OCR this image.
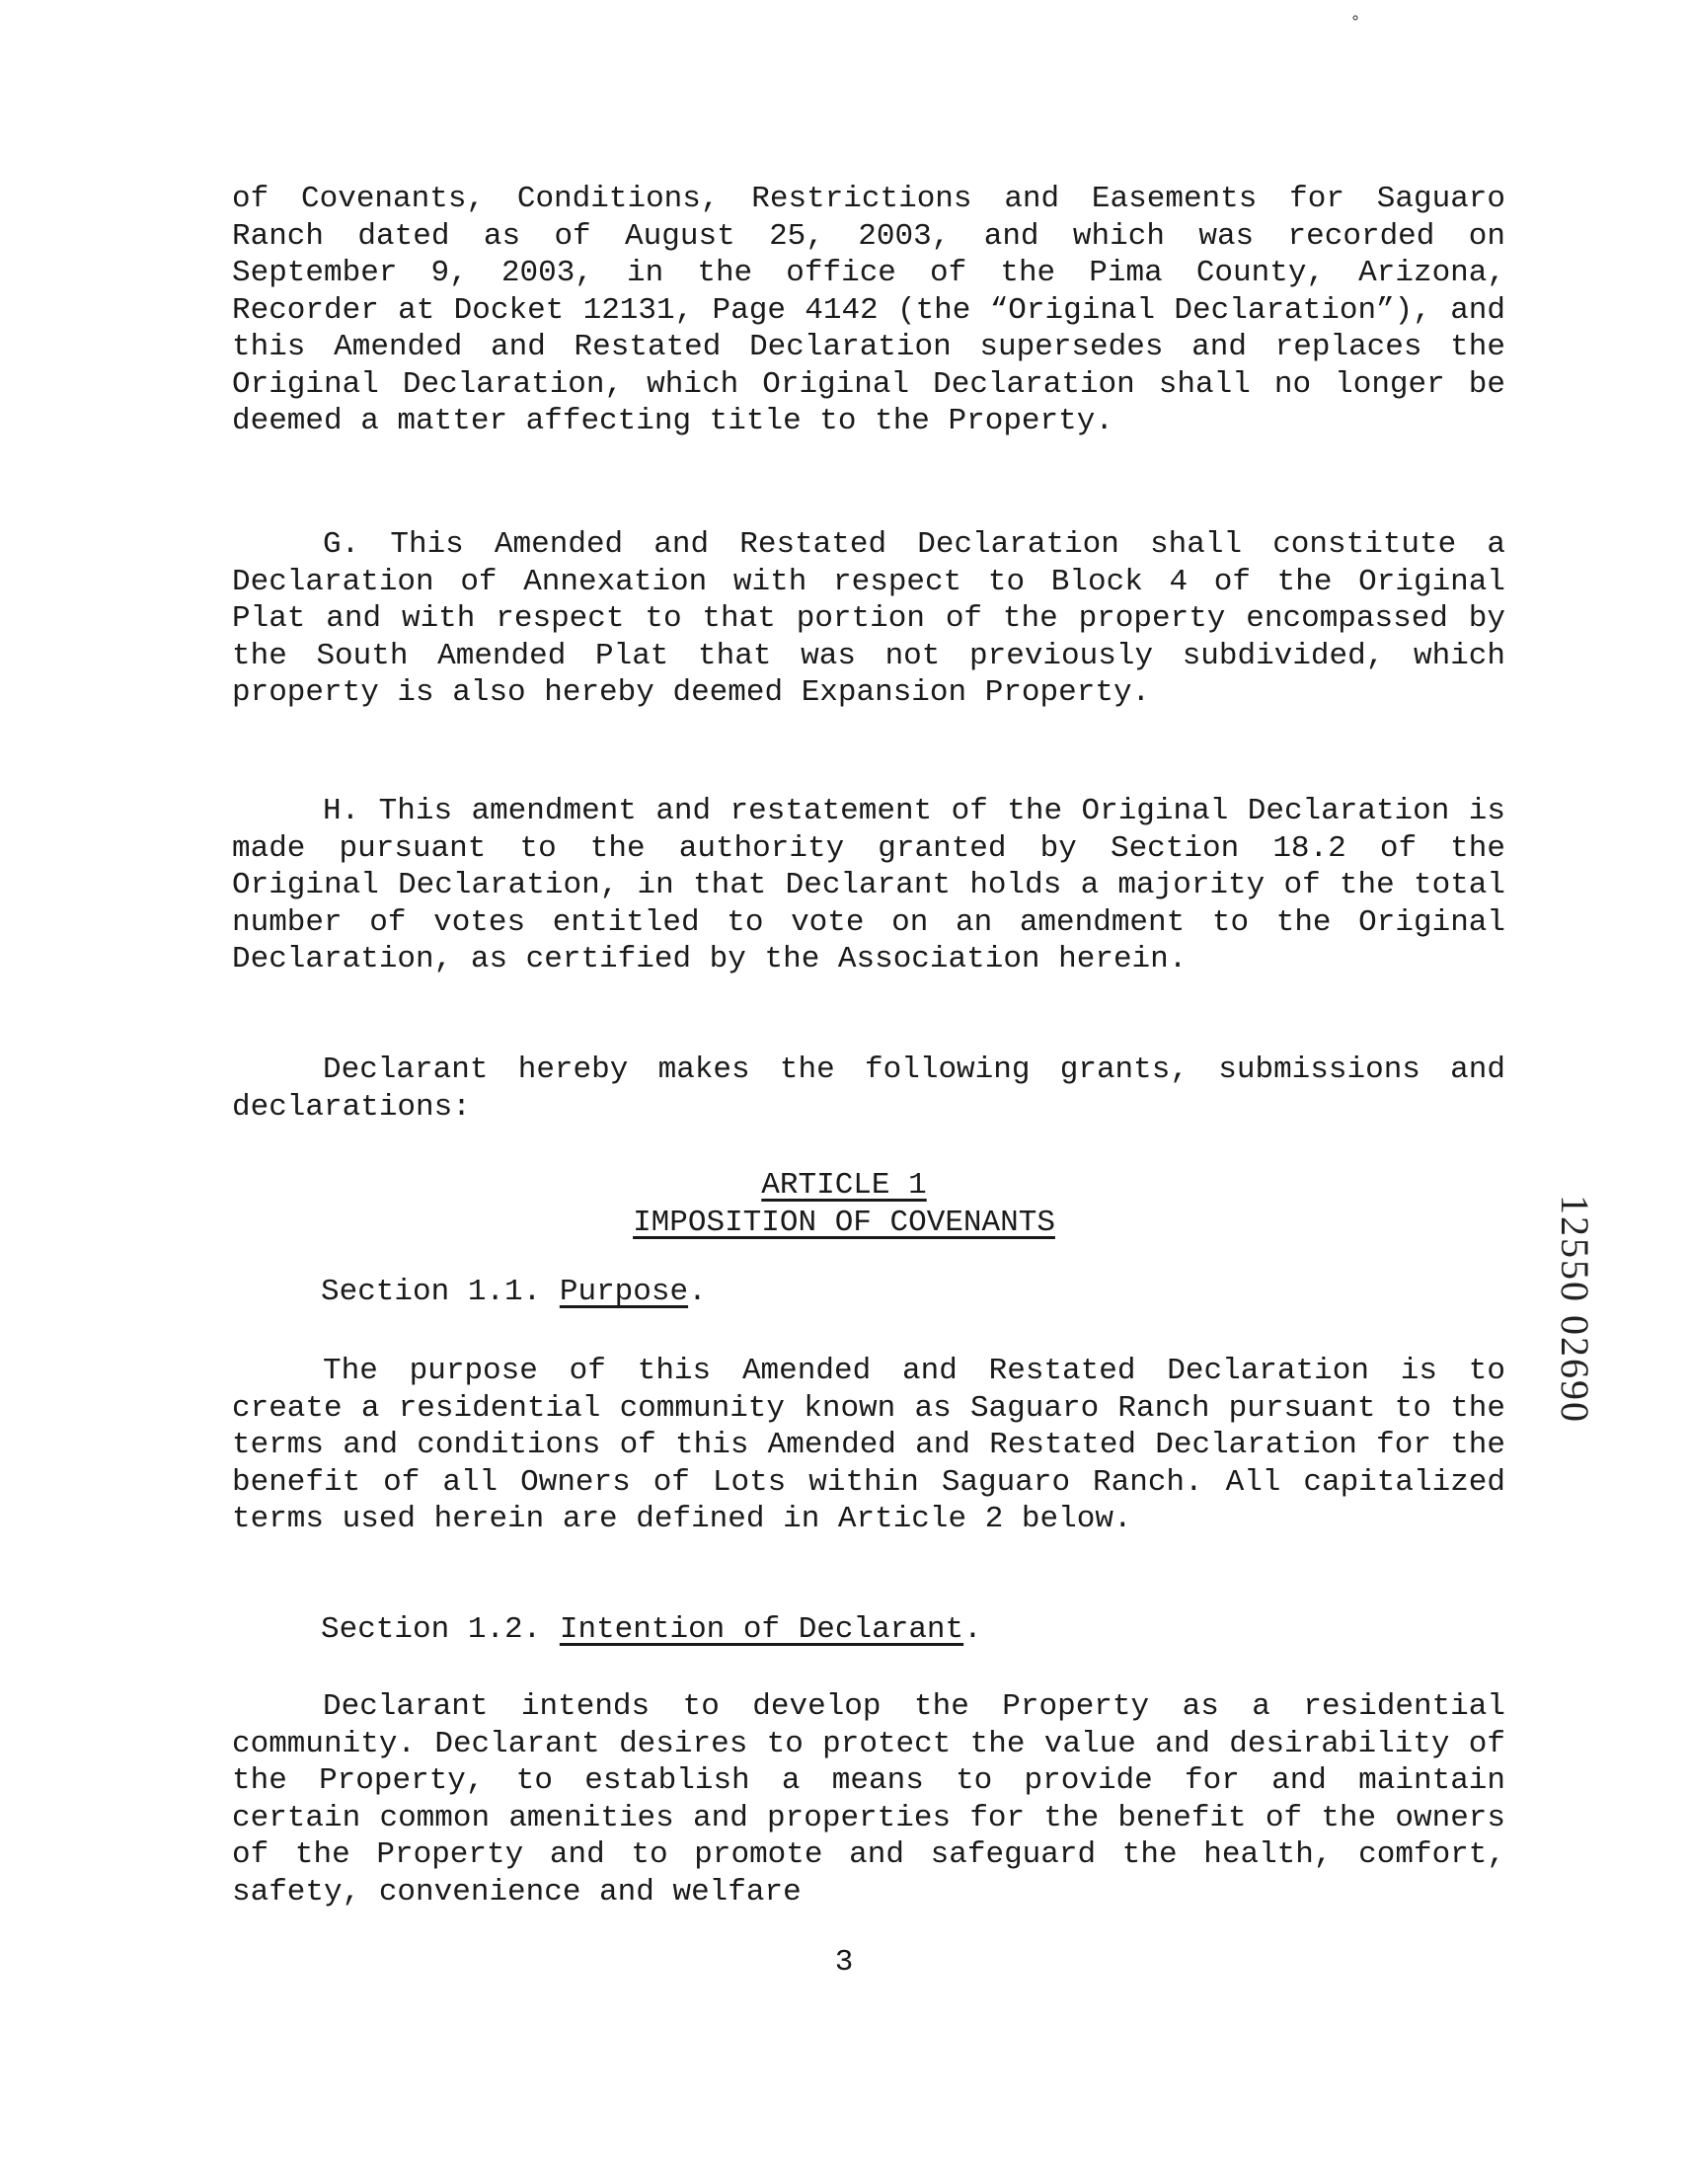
∘

of Covenants, Conditions, Restrictions and Easements for Saguaro Ranch dated as of August 25, 2003, and which was recorded on September 9, 2003, in the office of the Pima County, Arizona, Recorder at Docket 12131, Page 4142 (the “Original Declaration”), and this Amended and Restated Declaration supersedes and replaces the Original Declaration, which Original Declaration shall no longer be deemed a matter affecting title to the Property.

G. This Amended and Restated Declaration shall constitute a Declaration of Annexation with respect to Block 4 of the Original Plat and with respect to that portion of the property encompassed by the South Amended Plat that was not previously subdivided, which property is also hereby deemed Expansion Property.

H. This amendment and restatement of the Original Declaration is made pursuant to the authority granted by Section 18.2 of the Original Declaration, in that Declarant holds a majority of the total number of votes entitled to vote on an amendment to the Original Declaration, as certified by the Association herein.

Declarant hereby makes the following grants, submissions and declarations:

ARTICLE 1
IMPOSITION OF COVENANTS
Section 1.1. Purpose.

The purpose of this Amended and Restated Declaration is to create a residential community known as Saguaro Ranch pursuant to the terms and conditions of this Amended and Restated Declaration for the benefit of all Owners of Lots within Saguaro Ranch. All capitalized terms used herein are defined in Article 2 below.

Section 1.2. Intention of Declarant.

Declarant intends to develop the Property as a residential community. Declarant desires to protect the value and desirability of the Property, to establish a means to provide for and maintain certain common amenities and properties for the benefit of the owners of the Property and to promote and safeguard the health, comfort, safety, convenience and welfare

3
12550 02690
